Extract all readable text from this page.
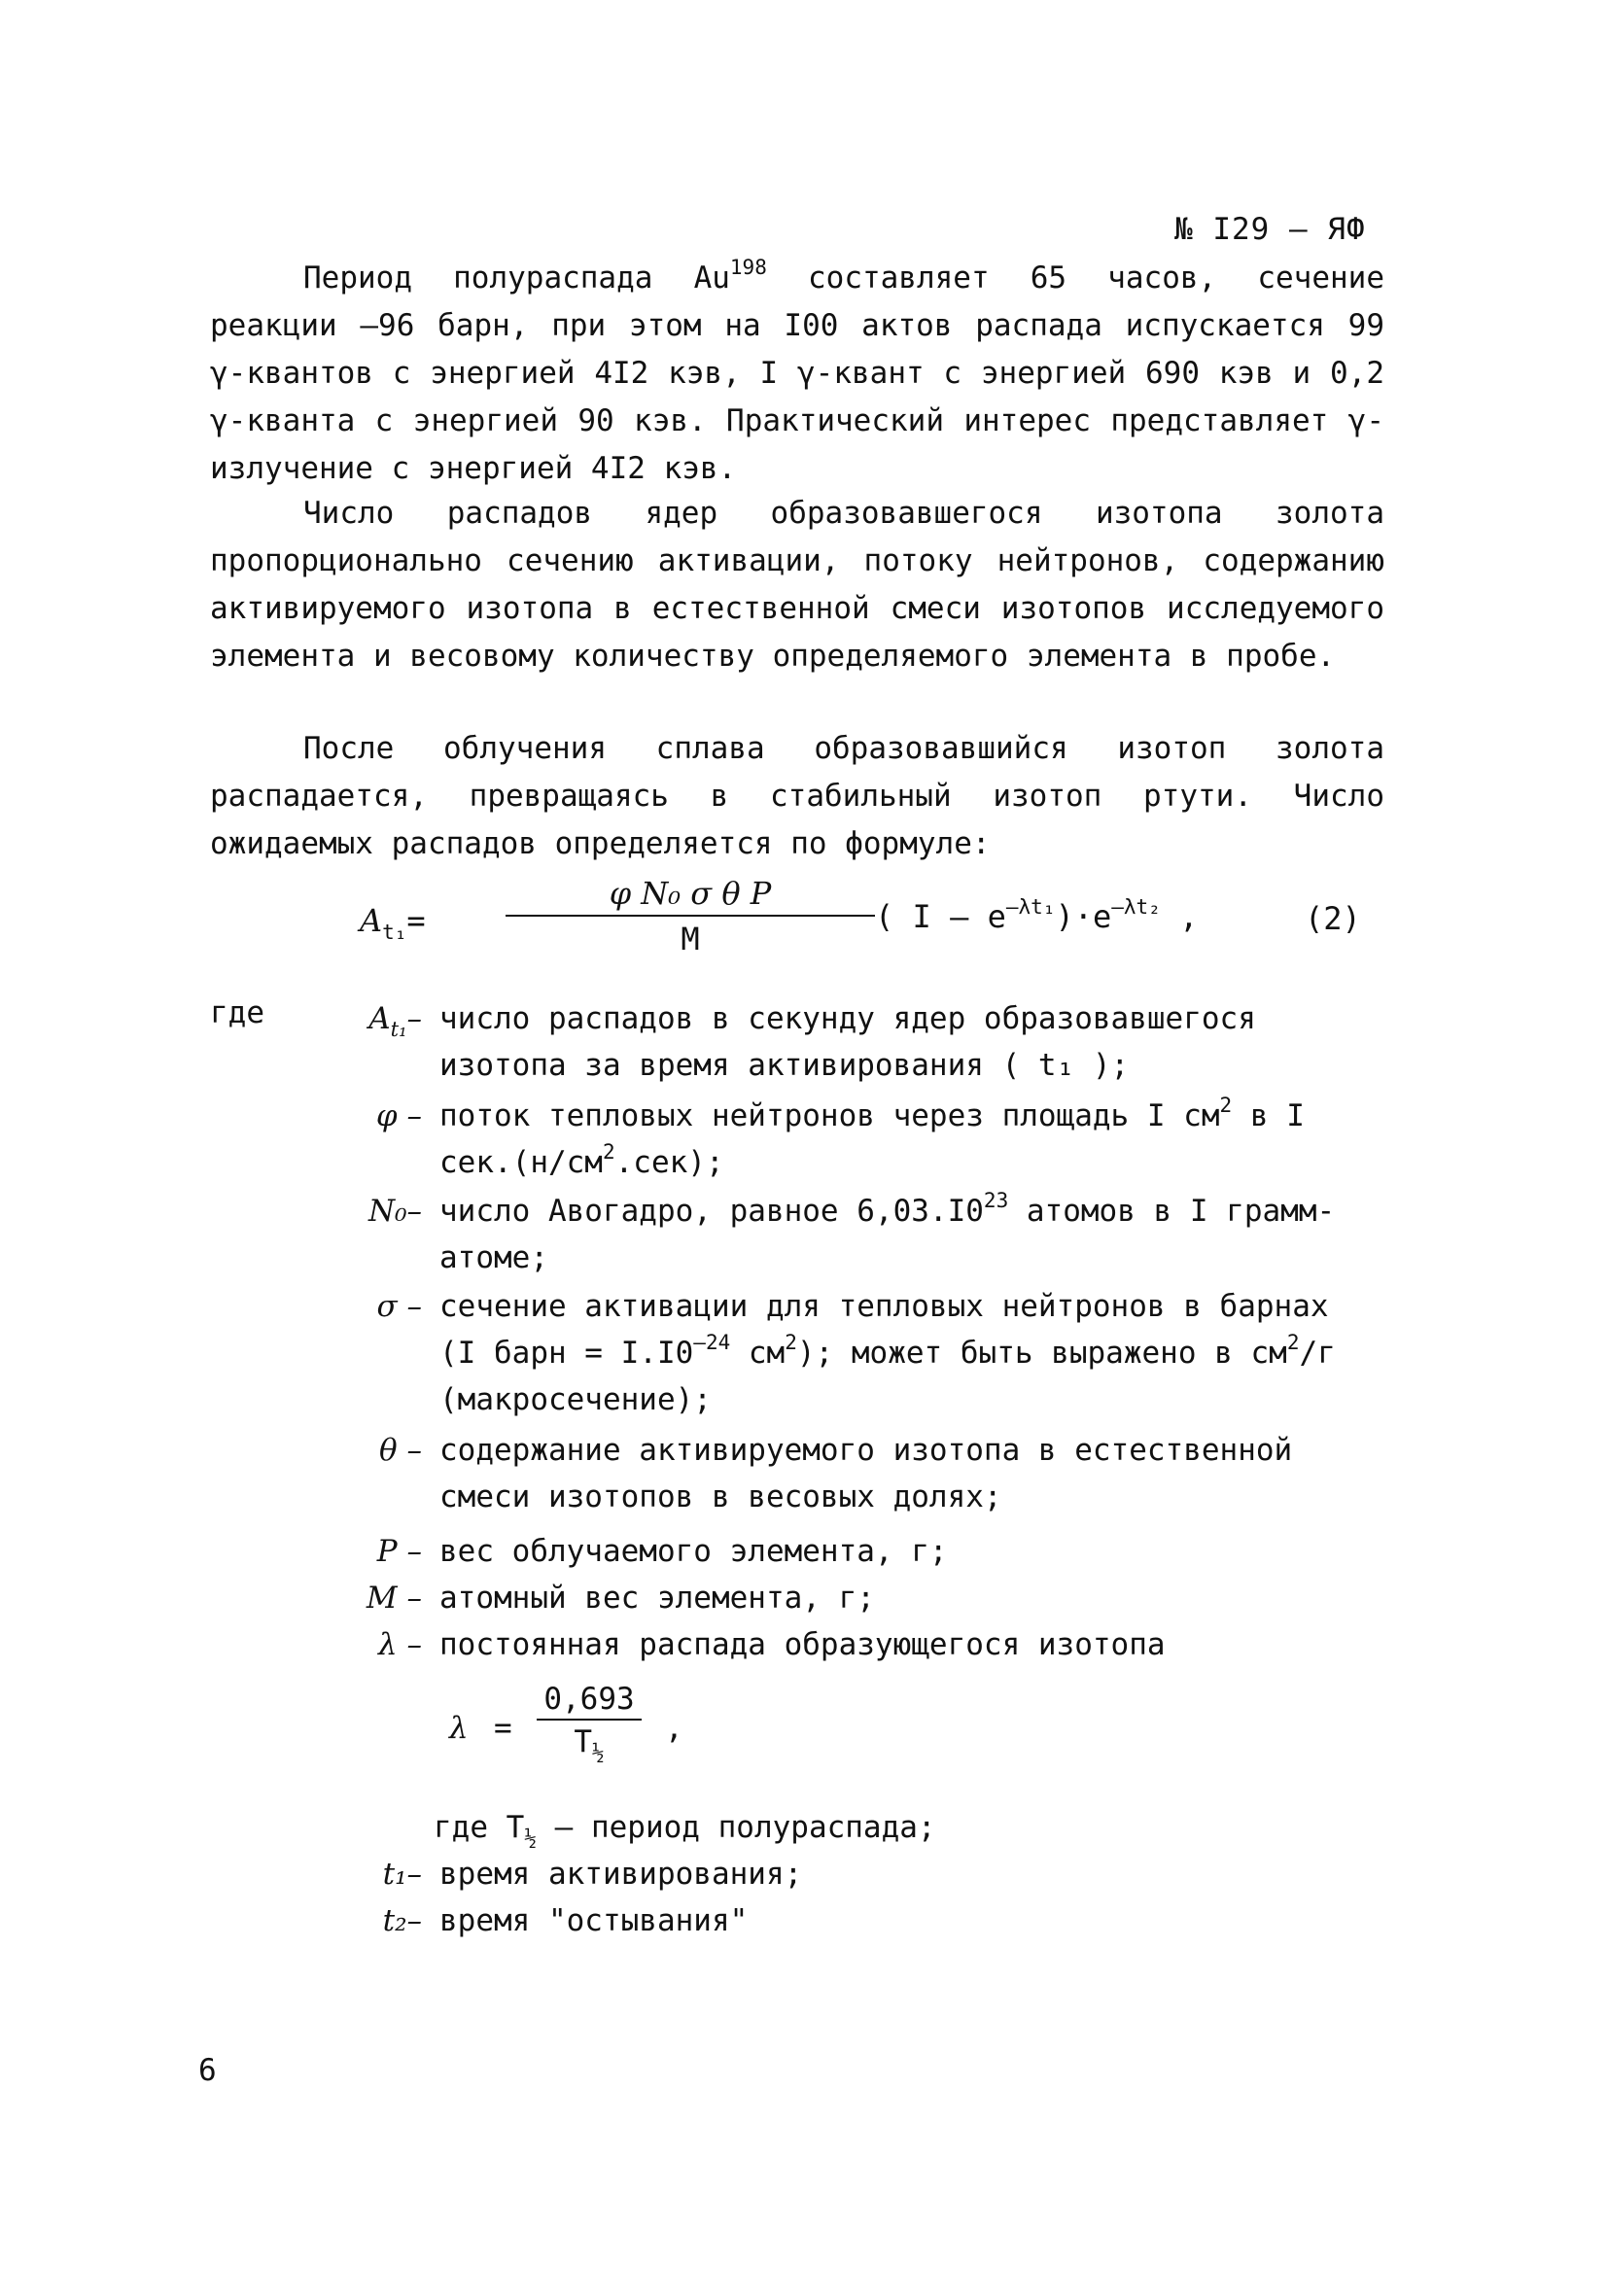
№ I29 – ЯФ

Период полураспада Au$^{198}$ составляет 65 часов, сечение реакции –96 барн, при этом на I00 актов распада испускается 99 γ-квантов с энергией 4I2 кэв, I γ-квант с энергией 690 кэв и 0,2 γ-кванта с энергией 90 кэв. Практический интерес представляет γ-излучение с энергией 4I2 кэв.

Число распадов ядер образовавшегося изотопа золота пропорционально сечению активации, потоку нейтронов, содержанию активируемого изотопа в естественной смеси изотопов исследуемого элемента и весовому количеству определяемого элемента в пробе.

После облучения сплава образовавшийся изотоп золота распадается, превращаясь в стабильный изотоп ртути. Число ожидаемых распадов определяется по формуле:

$A_{t_1}=$	$\frac{\text{φ N₀ σ θ P}}{M}$ ( $I - e^{-\lambda t_1})\cdot e^{-\lambda t_2}$ ,	(2)
где	$A_{t_1}-$ число распадов в секунду ядер образовавшегося изотопа за время активирования ( t₁ );
φ – поток тепловых нейтронов через площадь I $см^2$ в I $сек.(н/см^2.сек)$;
N₀– число Авогадро, равное $6,03.I0^{23}$ атомов в I грамм-атоме;
σ – сечение активации для тепловых нейтронов в барнах (I барн = $I.I0^{-24}$ $см^2$); может быть выражено в $см^2/г$ (макросечение);
θ – содержание активируемого изотопа в естественной смеси изотопов в весовых долях;
P – вес облучаемого элемента, г;
M – атомный вес элемента, г;
λ – постоянная распада образующегося изотопа
$\lambda = \frac{0,693}{T_{\frac{1}{2}}}$ ,
где $T_{\frac{1}{2}}$ – период полураспада;
t₁– время активирования;
t₂– время "остывания"
6
